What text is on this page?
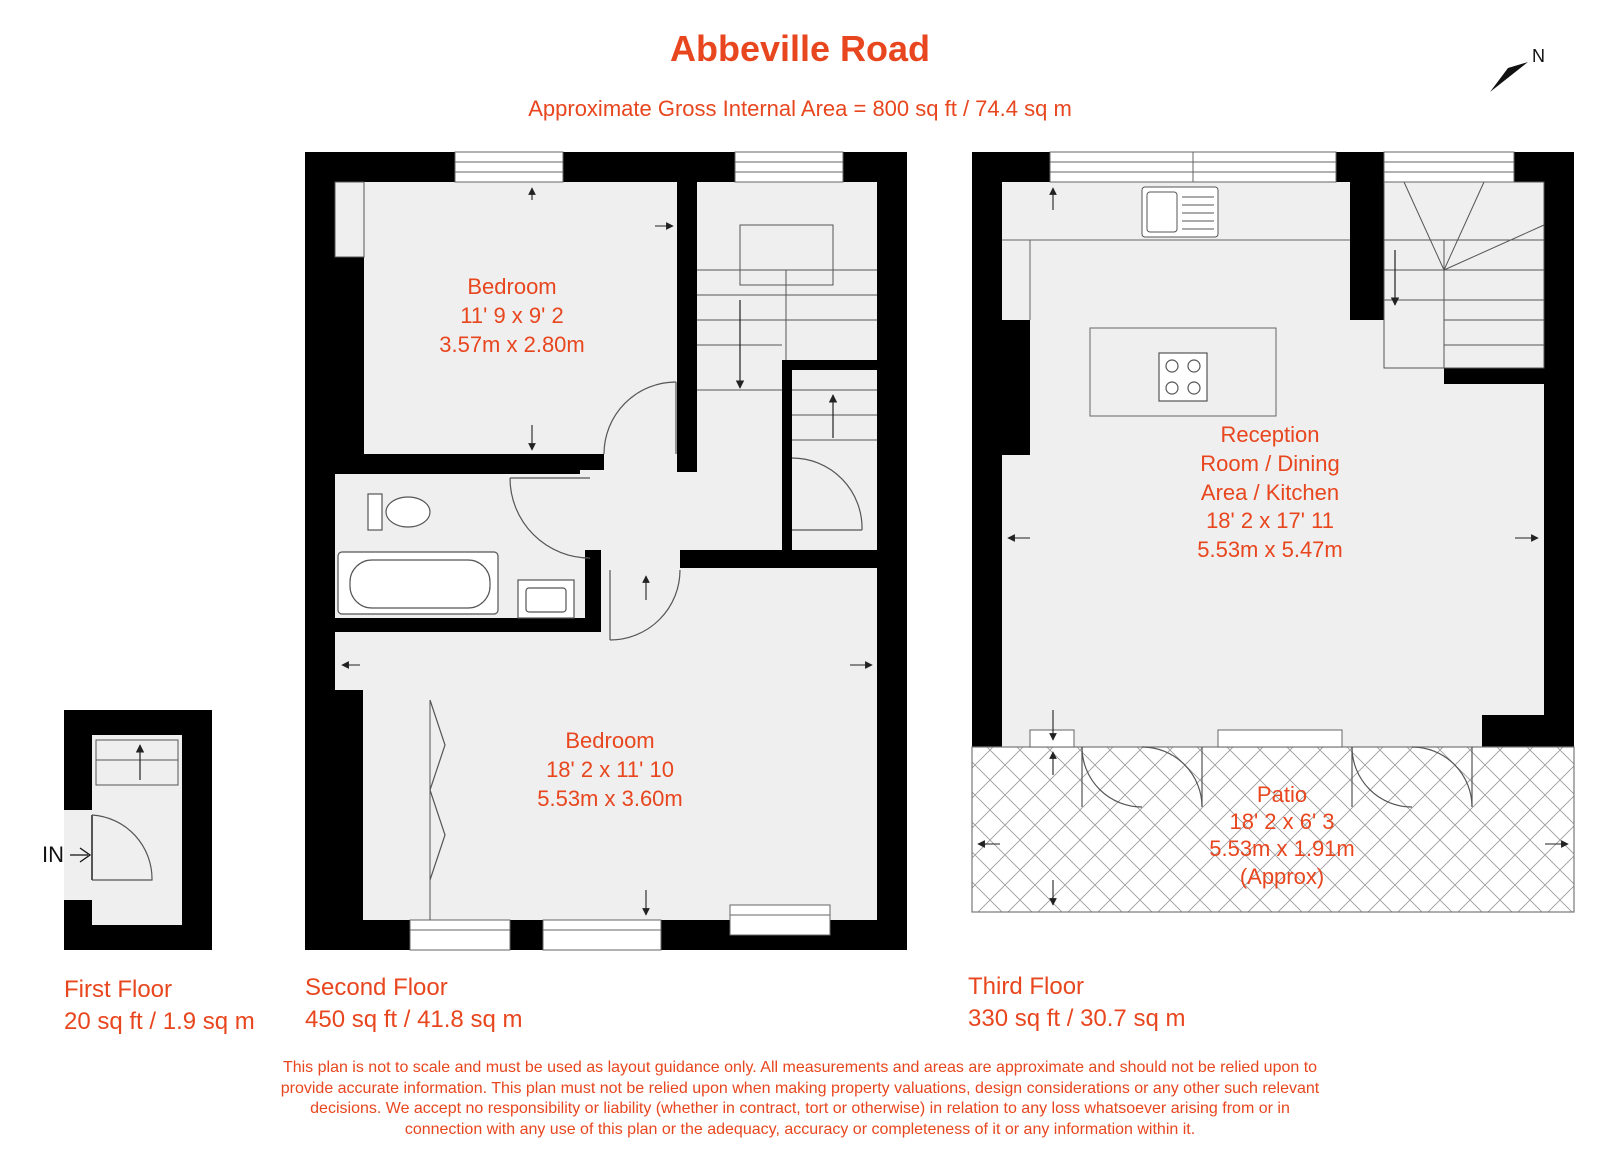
Abbeville Road
Approximate Gross Internal Area = 800 sq ft / 74.4 sq m
N
IN
Bedroom
11' 9 x 9' 2
3.57m x 2.80m
Bedroom
18' 2 x 11' 10
5.53m x 3.60m
Reception
Room / Dining
Area / Kitchen
18' 2 x 17' 11
5.53m x 5.47m
Patio
18' 2 x 6' 3
5.53m x 1.91m
(Approx)
First Floor
20 sq ft / 1.9 sq m
Second Floor
450 sq ft / 41.8 sq m
Third Floor
330 sq ft / 30.7 sq m
This plan is not to scale and must be used as layout guidance only. All measurements and areas are approximate and should not be relied upon to
provide accurate information. This plan must not be relied upon when making property valuations, design considerations or any other such relevant
decisions. We accept no responsibility or liability (whether in contract, tort or otherwise) in relation to any loss whatsoever arising from or in
connection with any use of this plan or the adequacy, accuracy or completeness of it or any information within it.
